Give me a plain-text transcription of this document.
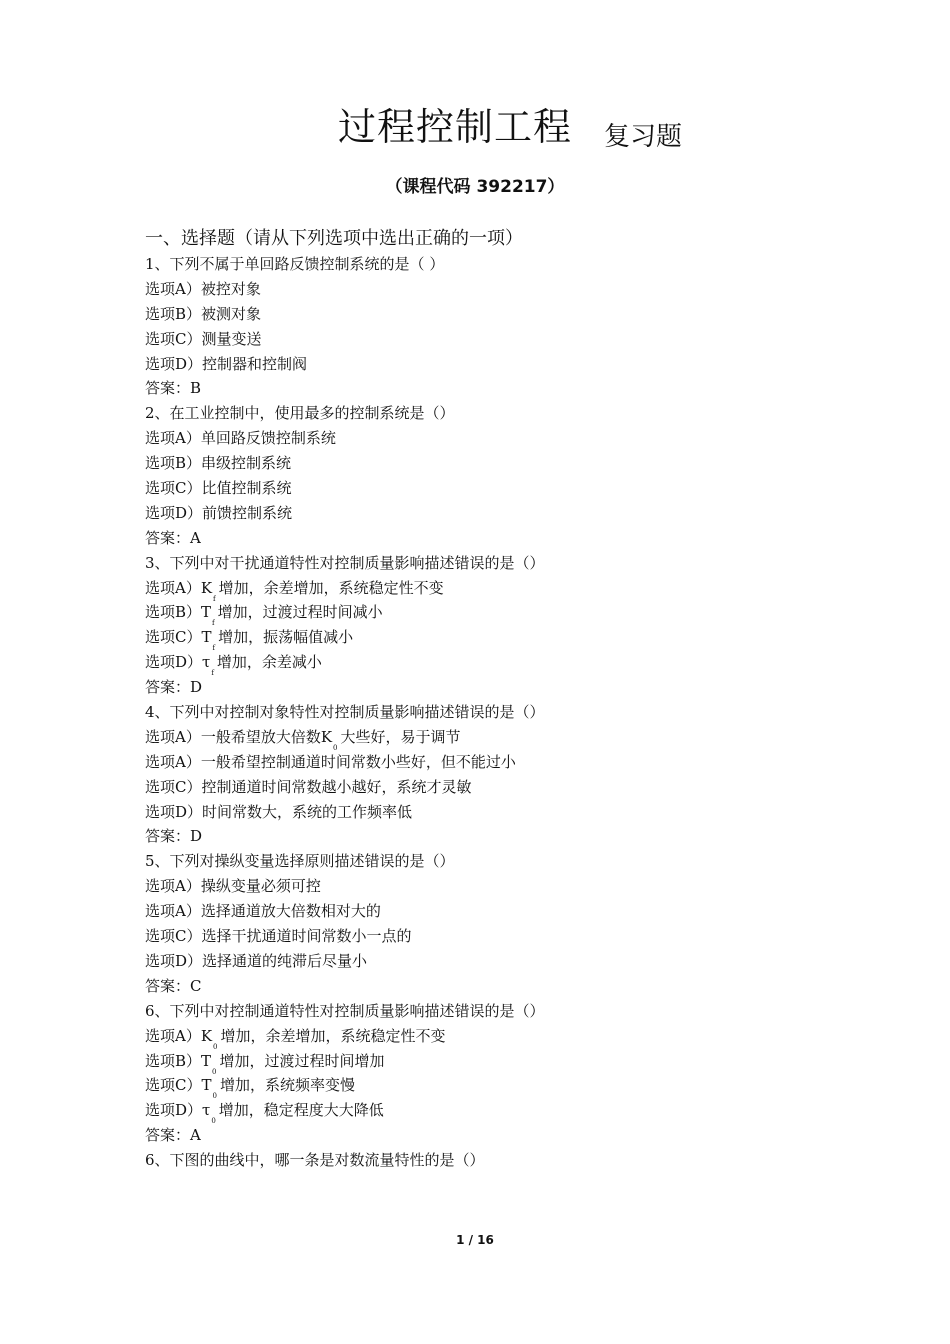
过程控制工程 复习题
（课程代码 392217）
一、选择题（请从下列选项中选出正确的一项）
1、下列不属于单回路反馈控制系统的是（ ）
选项A）被控对象
选项B）被测对象
选项C）测量变送
选项D）控制器和控制阀
答案：B
2、在工业控制中，使用最多的控制系统是（）
选项A）单回路反馈控制系统
选项B）串级控制系统
选项C）比值控制系统
选项D）前馈控制系统
答案：A
3、下列中对干扰通道特性对控制质量影响描述错误的是（）
选项A）Kf增加，余差增加，系统稳定性不变
选项B）Tf增加，过渡过程时间减小
选项C）Tf增加，振荡幅值减小
选项D）τf增加，余差减小
答案：D
4、下列中对控制对象特性对控制质量影响描述错误的是（）
选项A）一般希望放大倍数K0大些好，易于调节
选项A）一般希望控制通道时间常数小些好，但不能过小
选项C）控制通道时间常数越小越好，系统才灵敏
选项D）时间常数大，系统的工作频率低
答案：D
5、下列对操纵变量选择原则描述错误的是（）
选项A）操纵变量必须可控
选项A）选择通道放大倍数相对大的
选项C）选择干扰通道时间常数小一点的
选项D）选择通道的纯滞后尽量小
答案：C
6、下列中对控制通道特性对控制质量影响描述错误的是（）
选项A）K0增加，余差增加，系统稳定性不变
选项B）T0增加，过渡过程时间增加
选项C）T0增加，系统频率变慢
选项D）τ0增加，稳定程度大大降低
答案：A
6、下图的曲线中，哪一条是对数流量特性的是（）
1 / 16
